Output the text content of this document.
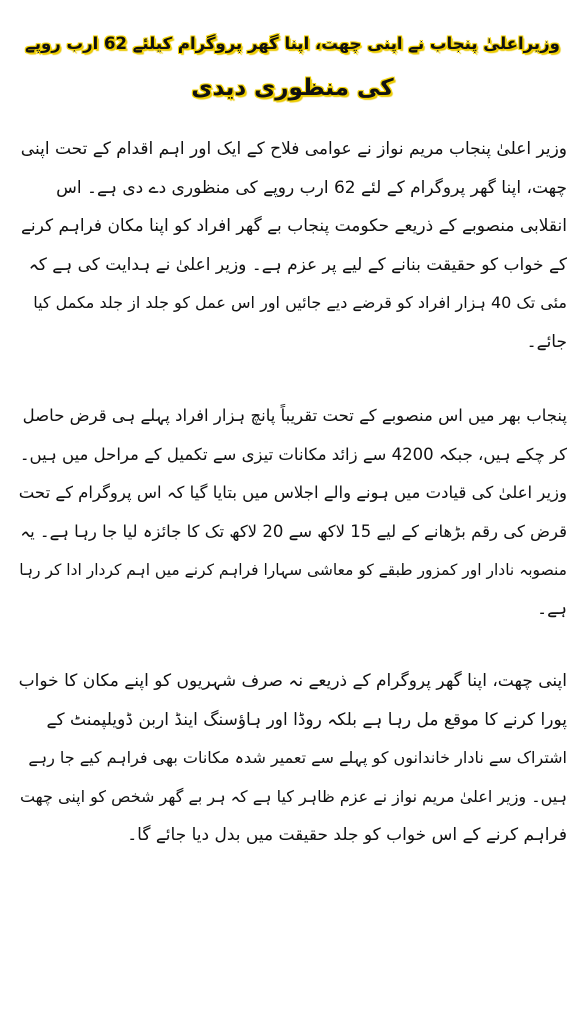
وزیراعلیٰ پنجاب نے اپنی چھت، اپنا گھر پروگرام کیلئے 62 ارب روپے
کی منظوری دیدی
وزیر اعلیٰ پنجاب مریم نواز نے عوامی فلاح کے ایک اور اہم اقدام کے تحت اپنی
چھت، اپنا گھر پروگرام کے لئے 62 ارب روپے کی منظوری دے دی ہے۔ اس
انقلابی منصوبے کے ذریعے حکومت پنجاب بے گھر افراد کو اپنا مکان فراہم کرنے
کے خواب کو حقیقت بنانے کے لیے پر عزم ہے۔ وزیر اعلیٰ نے ہدایت کی ہے کہ
مئی تک 40 ہزار افراد کو قرضے دیے جائیں اور اس عمل کو جلد از جلد مکمل کیا
جائے۔
پنجاب بھر میں اس منصوبے کے تحت تقریباً پانچ ہزار افراد پہلے ہی قرض حاصل
کر چکے ہیں، جبکہ 4200 سے زائد مکانات تیزی سے تکمیل کے مراحل میں ہیں۔
وزیر اعلیٰ کی قیادت میں ہونے والے اجلاس میں بتایا گیا کہ اس پروگرام کے تحت
قرض کی رقم بڑھانے کے لیے 15 لاکھ سے 20 لاکھ تک کا جائزہ لیا جا رہا ہے۔ یہ
منصوبہ نادار اور کمزور طبقے کو معاشی سہارا فراہم کرنے میں اہم کردار ادا کر رہا
ہے۔
اپنی چھت، اپنا گھر پروگرام کے ذریعے نہ صرف شہریوں کو اپنے مکان کا خواب
پورا کرنے کا موقع مل رہا ہے بلکہ روڈا اور ہاؤسنگ اینڈ اربن ڈویلپمنٹ کے
اشتراک سے نادار خاندانوں کو پہلے سے تعمیر شدہ مکانات بھی فراہم کیے جا رہے
ہیں۔ وزیر اعلیٰ مریم نواز نے عزم ظاہر کیا ہے کہ ہر بے گھر شخص کو اپنی چھت
فراہم کرنے کے اس خواب کو جلد حقیقت میں بدل دیا جائے گا۔
